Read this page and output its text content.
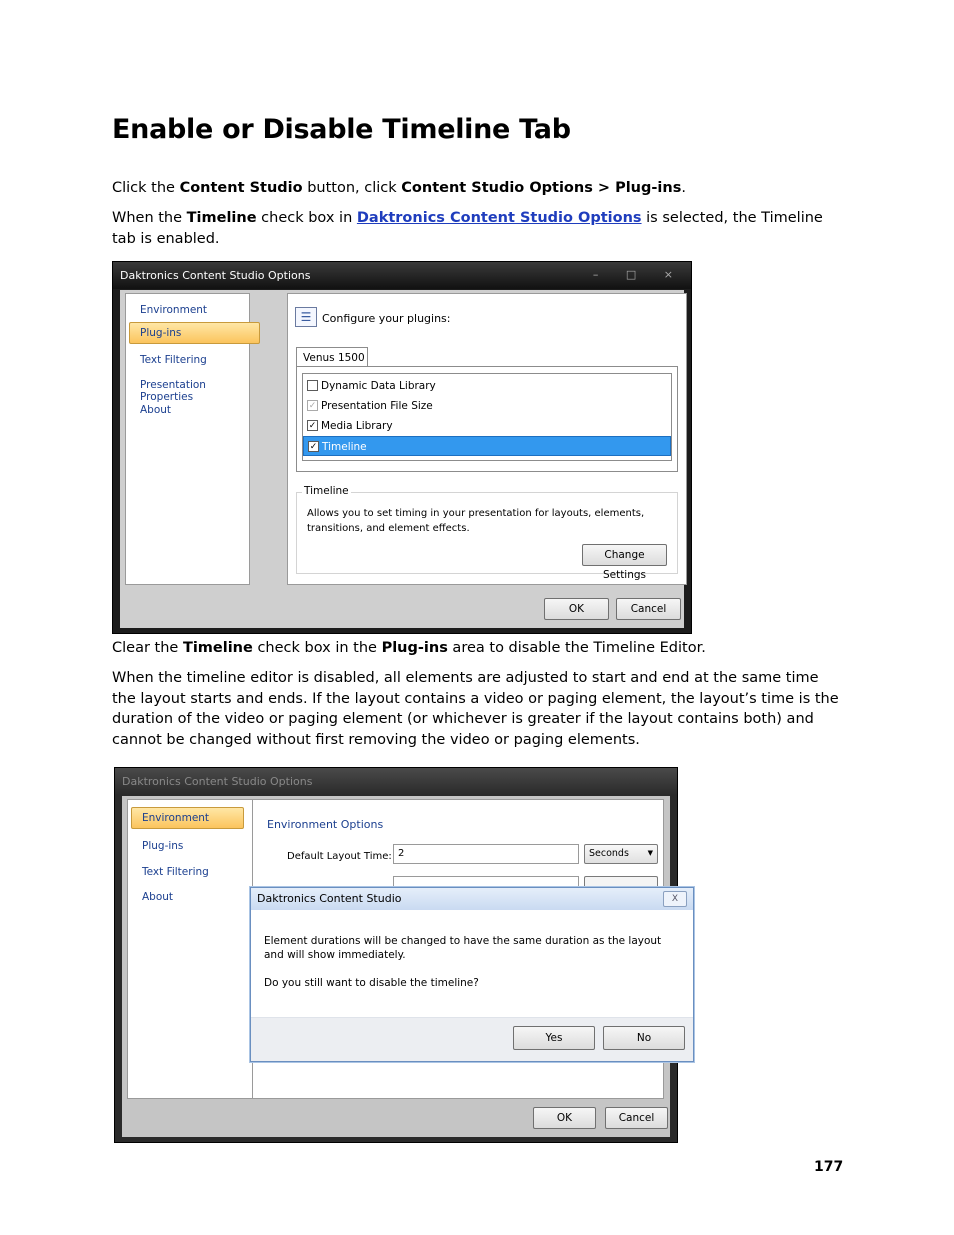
Enable or Disable Timeline Tab
Click the Content Studio button, click Content Studio Options > Plug-ins.
When the Timeline check box in Daktronics Content Studio Options is selected, the Timeline tab is enabled.
Daktronics Content Studio Options	– □ ×
Environment
Plug-ins
Text Filtering
Presentation Properties
About
☰ Configure your plugins:
Venus 1500
Dynamic Data Library
✓ Presentation File Size
✓ Media Library
✓ Timeline
Allows you to set timing in your presentation for layouts, elements, transitions, and element effects.
Change Settings
Timeline
OK	Cancel
Clear the Timeline check box in the Plug-ins area to disable the Timeline Editor.
When the timeline editor is disabled, all elements are adjusted to start and end at the same time the layout starts and ends. If the layout contains a video or paging element, the layout’s time is the duration of the video or paging element (or whichever is greater if the layout contains both) and cannot be changed without first removing the video or paging elements.
Daktronics Content Studio Options
Environment
Plug-ins
Text Filtering
About
Environment Options
Default Layout Time: 2	Seconds	▼
OK	Cancel
Daktronics Content Studio	X
Element durations will be changed to have the same duration as the layout and will show immediately.
Do you still want to disable the timeline?
Yes	No
177
